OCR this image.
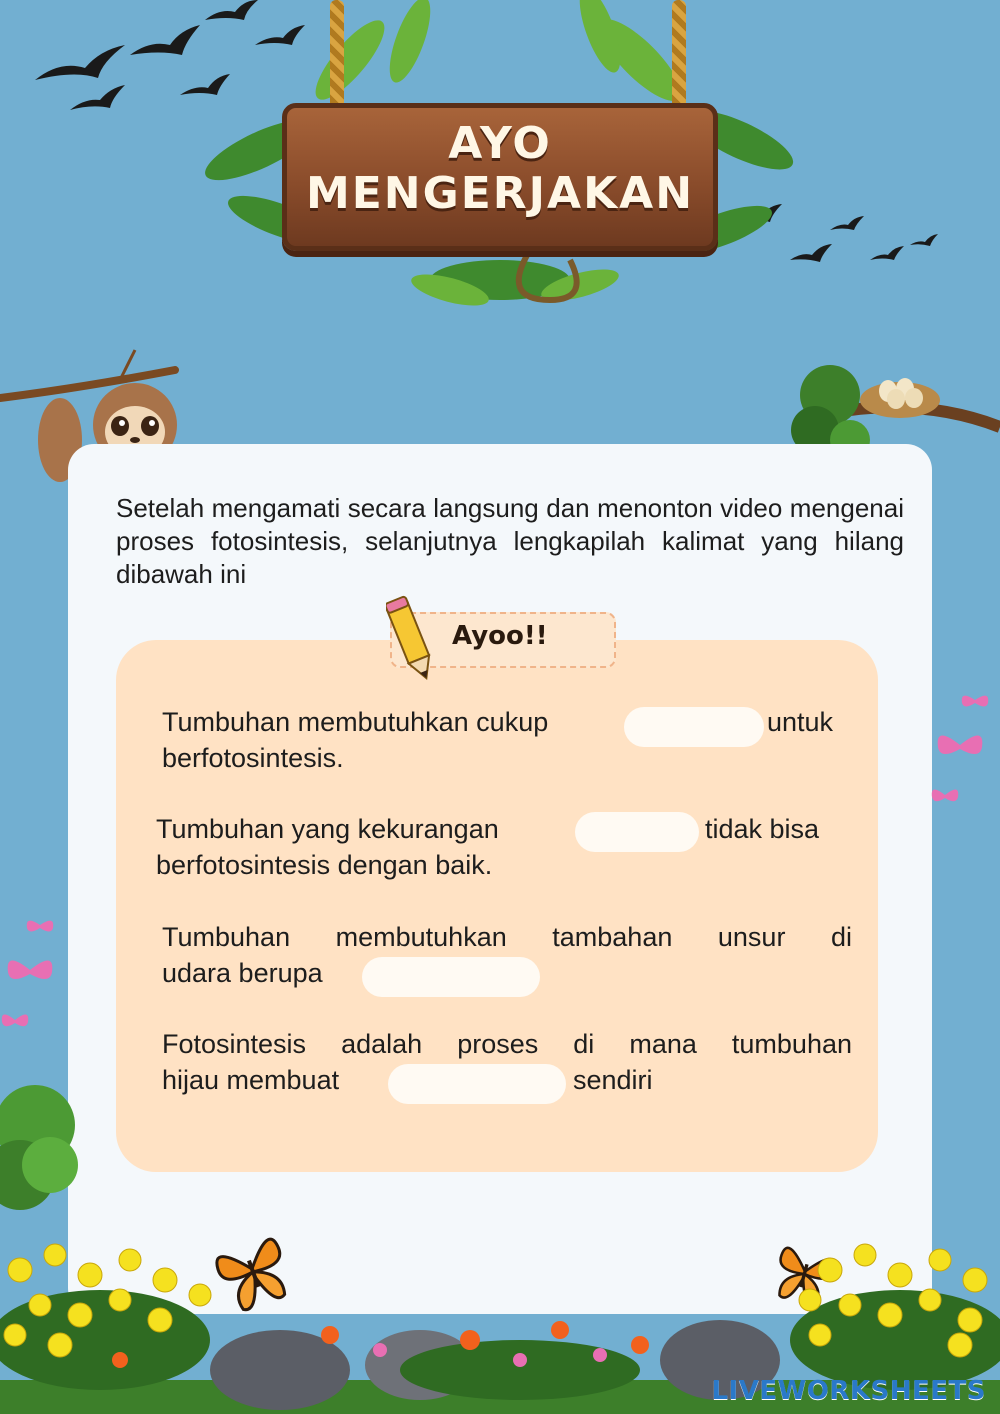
AYO
MENGERJAKAN
Setelah mengamati secara langsung dan menonton video mengenai proses fotosintesis, selanjutnya lengkapilah kalimat yang hilang dibawah ini
Ayoo!!
Tumbuhan membutuhkan cukup	untuk
berfotosintesis.
Tumbuhan yang kekurangan	tidak bisa
berfotosintesis dengan baik.
Tumbuhan membutuhkan tambahan unsur di
udara berupa
Fotosintesis adalah proses di mana tumbuhan
hijau membuat	sendiri
LIVEWORKSHEETS
